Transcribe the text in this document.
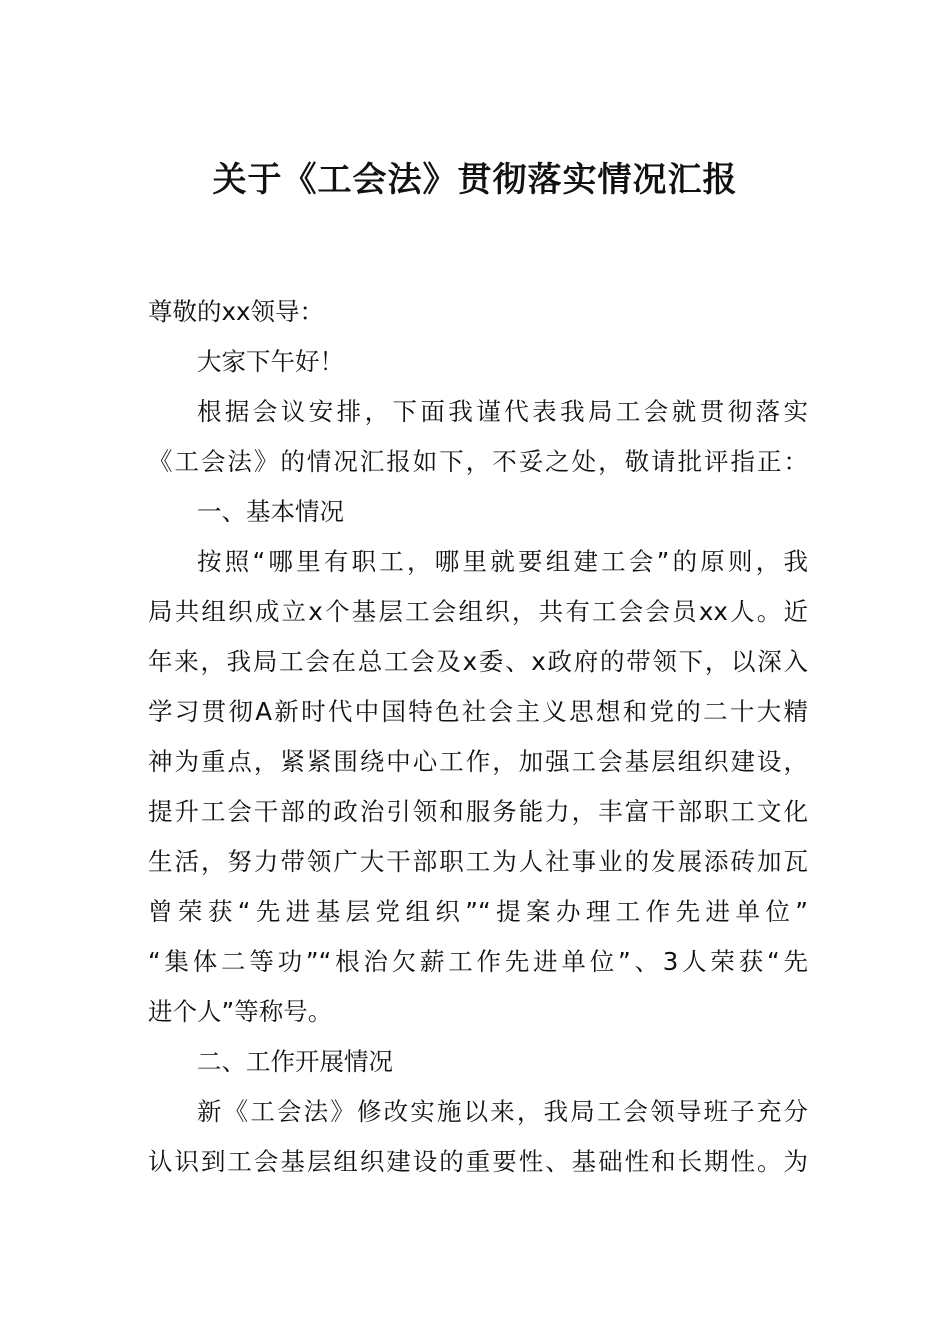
关于《工会法》贯彻落实情况汇报
尊敬的xx领导：
大家下午好！
根据会议安排，下面我谨代表我局工会就贯彻落实
《工会法》的情况汇报如下，不妥之处，敬请批评指正：
一、基本情况
按照“哪里有职工，哪里就要组建工会”的原则，我
局共组织成立x个基层工会组织，共有工会会员xx人。近
年来，我局工会在总工会及x委、x政府的带领下，以深入
学习贯彻A新时代中国特色社会主义思想和党的二十大精
神为重点，紧紧围绕中心工作，加强工会基层组织建设，
提升工会干部的政治引领和服务能力，丰富干部职工文化
生活，努力带领广大干部职工为人社事业的发展添砖加瓦
曾荣获“先进基层党组织”“提案办理工作先进单位”
“集体二等功”“根治欠薪工作先进单位”、3人荣获“先
进个人”等称号。
二、工作开展情况
新《工会法》修改实施以来，我局工会领导班子充分
认识到工会基层组织建设的重要性、基础性和长期性。为
